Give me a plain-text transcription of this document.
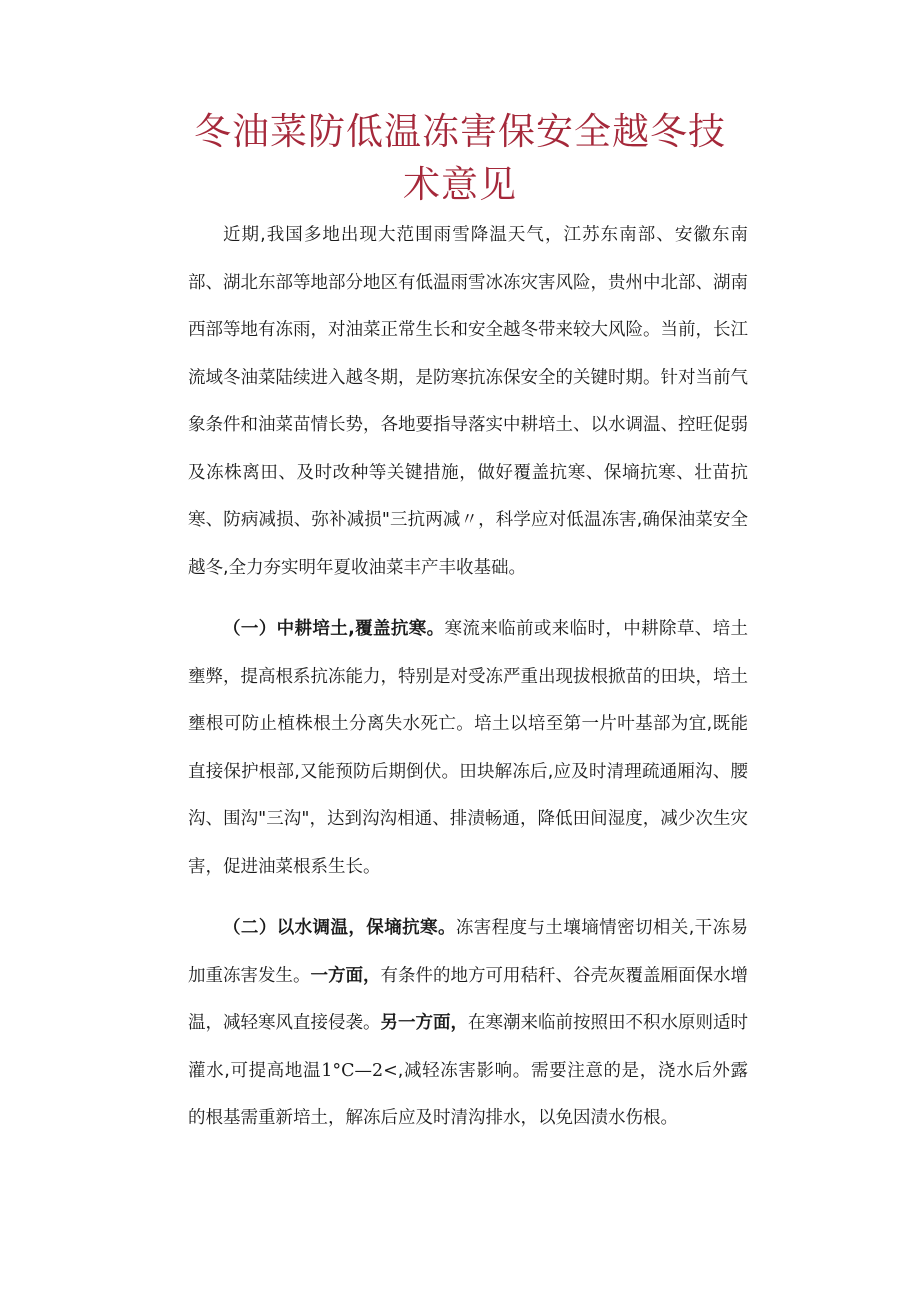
冬油菜防低温冻害保安全越冬技
术意见

近期,我国多地出现大范围雨雪降温天气，江苏东南部、安徽东南部、湖北东部等地部分地区有低温雨雪冰冻灾害风险，贵州中北部、湖南西部等地有冻雨，对油菜正常生长和安全越冬带来较大风险。当前，长江流域冬油菜陆续进入越冬期，是防寒抗冻保安全的关键时期。针对当前气象条件和油菜苗情长势，各地要指导落实中耕培土、以水调温、控旺促弱及冻株离田、及时改种等关键措施，做好覆盖抗寒、保墒抗寒、壮苗抗寒、防病减损、弥补减损"三抗两减〃，科学应对低温冻害,确保油菜安全越冬,全力夯实明年夏收油菜丰产丰收基础。

（一）中耕培土,覆盖抗寒。寒流来临前或来临时，中耕除草、培土壅弊，提高根系抗冻能力，特别是对受冻严重出现拔根掀苗的田块，培土壅根可防止植株根土分离失水死亡。培土以培至第一片叶基部为宜,既能直接保护根部,又能预防后期倒伏。田块解冻后,应及时清理疏通厢沟、腰沟、围沟"三沟"，达到沟沟相通、排渍畅通，降低田间湿度，减少次生灾害，促进油菜根系生长。

（二）以水调温，保墒抗寒。冻害程度与土壤墒情密切相关,干冻易加重冻害发生。一方面，有条件的地方可用秸秆、谷壳灰覆盖厢面保水增温，减轻寒风直接侵袭。另一方面，在寒潮来临前按照田不积水原则适时灌水,可提高地温1°C—2<,减轻冻害影响。需要注意的是，浇水后外露的根基需重新培土，解冻后应及时清沟排水，以免因渍水伤根。
